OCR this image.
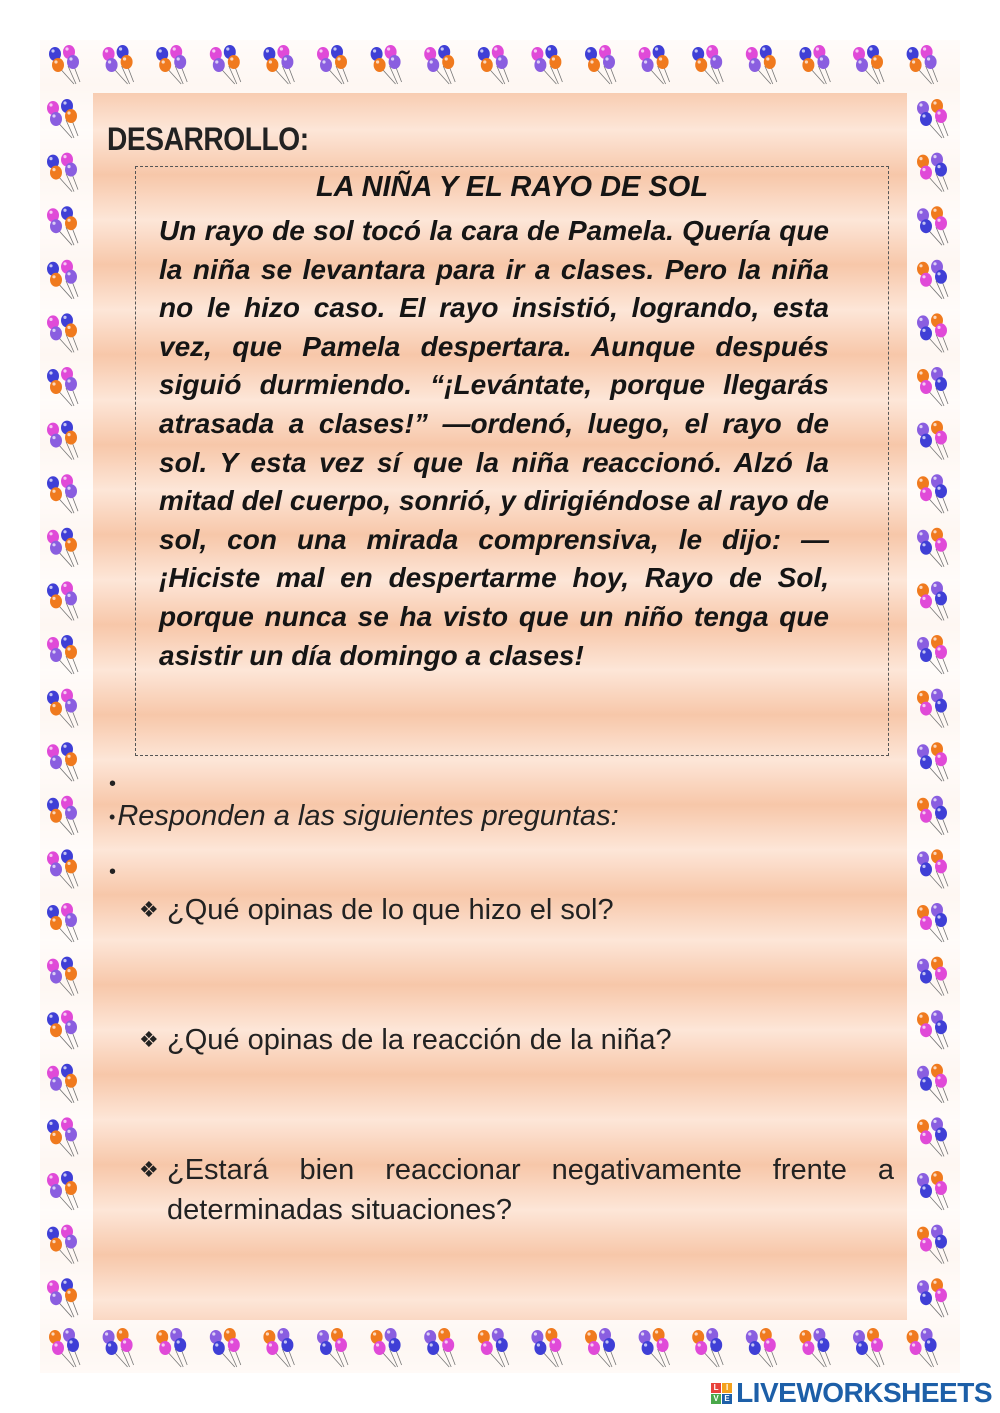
DESARROLLO:
LA NIÑA Y EL RAYO DE SOL

Un rayo de sol tocó la cara de Pamela. Quería que la niña se levantara para ir a clases. Pero la niña no le hizo caso. El rayo insistió, logrando, esta vez, que Pamela despertara. Aunque después siguió durmiendo. “¡Levántate, porque llegarás atrasada a clases!” —ordenó, luego, el rayo de sol. Y esta vez sí que la niña reaccionó. Alzó la mitad del cuerpo, sonrió, y dirigiéndose al rayo de sol, con una mirada comprensiva, le dijo: —¡Hiciste mal en despertarme hoy, Rayo de Sol, porque nunca se ha visto que un niño tenga que asistir un día domingo a clases!

•

•Responden a las siguientes preguntas:

•

❖ ¿Qué opinas de lo que hizo el sol?

❖ ¿Qué opinas de la reacción de la niña?

❖ ¿Estará bien reaccionar negativamente frente a determinadas situaciones?

L I
V E LIVEWORKSHEETS
